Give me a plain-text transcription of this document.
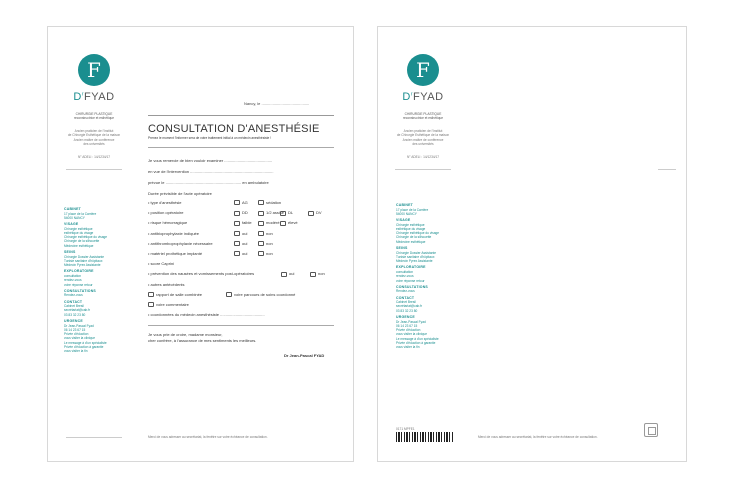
F
$D^rFYAD$
CHIRURGIE PLASTIQUE
reconstructrice et esthétique
Ancien praticien de l'Institut
de Chirurgie Esthétique de la maison
Ancien maître de conférence
des universités
N° ADELI : 14/1234/17
CABINET
17 place de la Carrière
54000 NANCY
VISAGE
Chirurgie esthétique
esthétique du visage
Chirurgie esthétique du visage
Chirurgie de la silhouette
Médecine esthétique
SEINS
Chirurgie Dossier Assistante
Tunisie sanitaire d'hôpitaux
Médecin Pyrex Assistante
EXPLORATOIRE
consultation
rendez-vous
voire réponse retour
CONSULTATIONS
Rendez-vous
CONTACT
Cabinet Bresil
secrétariat@cab.fr
03 83 32 23 80
URGENCE
Dr Jean-Pascal Fyad
06 14 23 67 15
Privée d'éduction
vous visiter la clinique
Le message à d'un spécialiste
Privée d'éduction à garantie
vous visiter la fin
Nancy, le ...........................................
CONSULTATION D'ANESTHÉSIE
Prenez le moment l'informer sera de votre traitement initial à un médecin anesthésiste !
Je vous remercie de bien vouloir examiner ...........................................
en vue de l'intervention ...........................................................................
prévue le .................................................................... en ambulatoire
Durée prévisible de l'acte opératoire
• type d'anesthésie	AG	sédation
• position opératoire	DD	1/2 assise DL	DV
• risque hémorragique	faible	modéré	élevé
• antibioprophylaxie indiquée	oui	non
• antithromboprophylaxie nécessaire	oui	non
• matériel prothétique implanté	oui	non
• score Caprini
• prévention des nausées et vomissements post-opératoires	oui	non
• autres antécédents
rapport de salle combinée	voire parcours de soins coordonné
voire commentaire
• coordonnées du médecin anesthésiste ........................................
Je vous prie de croire, madame monsieur,
cher confrère, à l'assurance de mes sentiments les meilleurs.
Dr Jean-Pascal FYAD
Merci de vous adresser au secrétariat, la fenêtre sur votre échéance de consultation.
F
$D^rFYAD$
CHIRURGIE PLASTIQUE
reconstructrice et esthétique
Ancien praticien de l'Institut
de Chirurgie Esthétique de la maison
Ancien maître de conférence
des universités
N° ADELI : 14/1234/17
CABINET
17 place de la Carrière
54000 NANCY
VISAGE
Chirurgie esthétique
esthétique du visage
Chirurgie esthétique du visage
Chirurgie de la silhouette
Médecine esthétique
SEINS
Chirurgie Dossier Assistante
Tunisie sanitaire d'hôpitaux
Médecin Pyrex Assistante
EXPLORATOIRE
consultation
rendez-vous
voire réponse retour
CONSULTATIONS
Rendez-vous
CONTACT
Cabinet Bresil
secrétariat@cab.fr
03 83 32 23 80
URGENCE
Dr Jean-Pascal Fyad
06 14 23 67 15
Privée d'éduction
vous visiter la clinique
Le message à d'un spécialiste
Privée d'éduction à garantie
vous visiter la fin
0171 MPFE1
Merci de vous adresser au secrétariat, la fenêtre sur votre échéance de consultation.
